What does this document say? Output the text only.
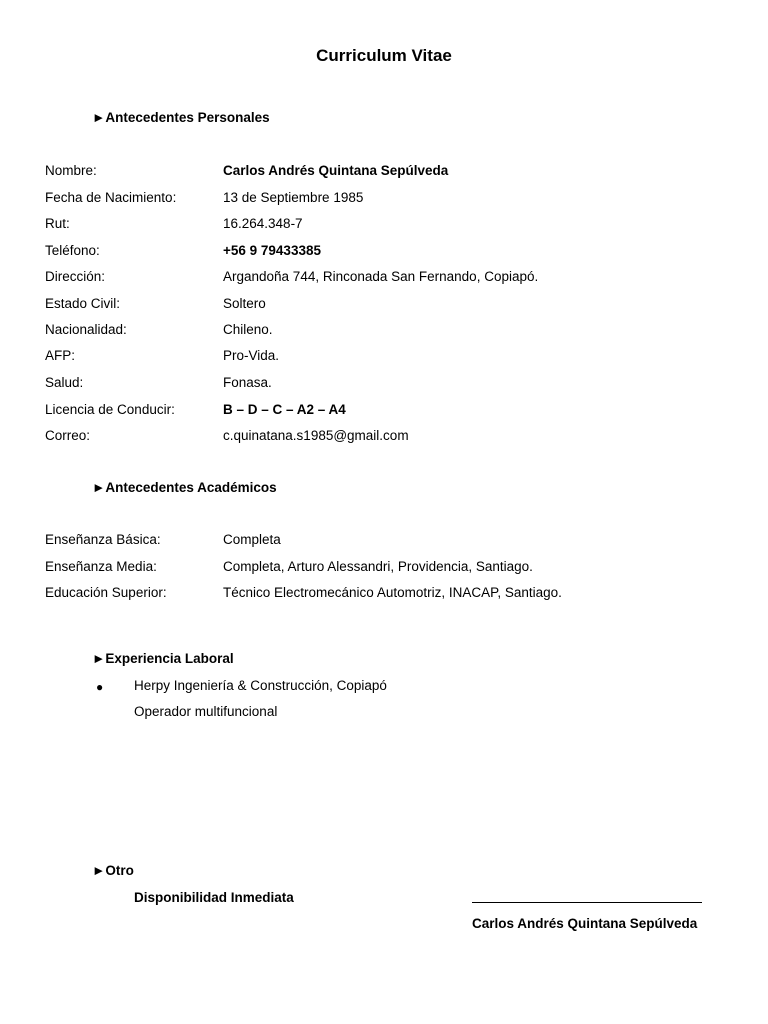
Curriculum Vitae
►Antecedentes Personales
Nombre:	Carlos Andrés Quintana Sepúlveda
Fecha de Nacimiento:	13 de Septiembre 1985
Rut:	16.264.348-7
Teléfono:	+56 9 79433385
Dirección:	Argandoña 744, Rinconada San Fernando, Copiapó.
Estado Civil:	Soltero
Nacionalidad:	Chileno.
AFP:	Pro-Vida.
Salud:	Fonasa.
Licencia de Conducir:	B – D – C – A2 – A4
Correo:	c.quinatana.s1985@gmail.com
►Antecedentes Académicos
Enseñanza Básica:	Completa
Enseñanza Media:	Completa, Arturo Alessandri, Providencia, Santiago.
Educación Superior:	Técnico Electromecánico Automotriz, INACAP, Santiago.
►Experiencia Laboral
● Herpy Ingeniería & Construcción, Copiapó
Operador multifuncional
►Otro
Disponibilidad Inmediata
Carlos Andrés Quintana Sepúlveda
